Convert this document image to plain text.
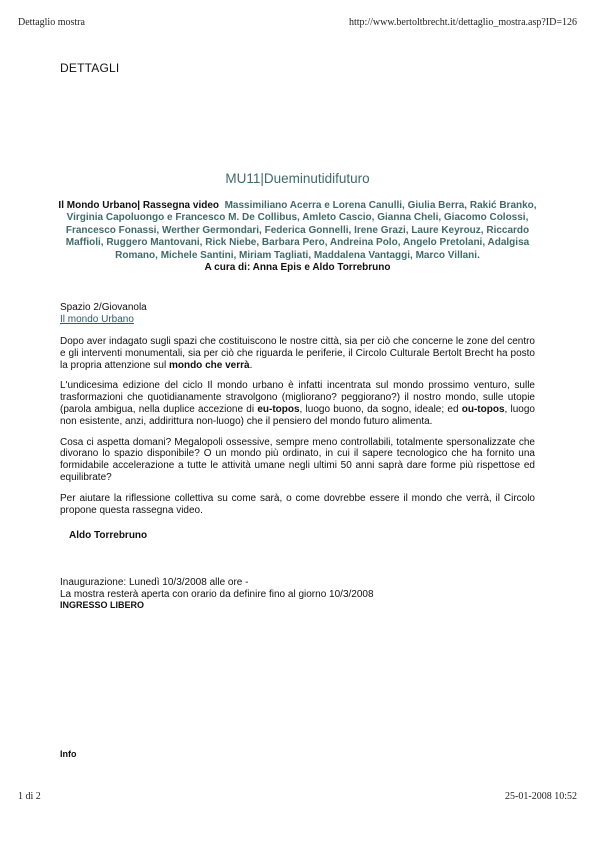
Dettaglio mostra	http://www.bertoltbrecht.it/dettaglio_mostra.asp?ID=126
DETTAGLI
MU11|Dueminutidifuturo
Il Mondo Urbano| Rassegna video Massimiliano Acerra e Lorena Canulli, Giulia Berra, Rakić Branko, Virginia Capoluongo e Francesco M. De Collibus, Amleto Cascio, Gianna Cheli, Giacomo Colossi, Francesco Fonassi, Werther Germondari, Federica Gonnelli, Irene Grazi, Laure Keyrouz, Riccardo Maffioli, Ruggero Mantovani, Rick Niebe, Barbara Pero, Andreina Polo, Angelo Pretolani, Adalgisa Romano, Michele Santini, Miriam Tagliati, Maddalena Vantaggi, Marco Villani.
A cura di: Anna Epis e Aldo Torrebruno
Spazio 2/Giovanola
Il mondo Urbano

Dopo aver indagato sugli spazi che costituiscono le nostre città, sia per ciò che concerne le zone del centro e gli interventi monumentali, sia per ciò che riguarda le periferie, il Circolo Culturale Bertolt Brecht ha posto la propria attenzione sul mondo che verrà.

L'undicesima edizione del ciclo Il mondo urbano è infatti incentrata sul mondo prossimo venturo, sulle trasformazioni che quotidianamente stravolgono (migliorano? peggiorano?) il nostro mondo, sulle utopie (parola ambigua, nella duplice accezione di eu-topos, luogo buono, da sogno, ideale; ed ou-topos, luogo non esistente, anzi, addirittura non-luogo) che il pensiero del mondo futuro alimenta.

Cosa ci aspetta domani? Megalopoli ossessive, sempre meno controllabili, totalmente spersonalizzate che divorano lo spazio disponibile? O un mondo più ordinato, in cui il sapere tecnologico che ha fornito una formidabile accelerazione a tutte le attività umane negli ultimi 50 anni saprà dare forme più rispettose ed equilibrate?

Per aiutare la riflessione collettiva su come sarà, o come dovrebbe essere il mondo che verrà, il Circolo propone questa rassegna video.

Aldo Torrebruno
Inaugurazione: Lunedì 10/3/2008 alle ore -
La mostra resterà aperta con orario da definire fino al giorno 10/3/2008
INGRESSO LIBERO
Info
1 di 2	25-01-2008 10:52
